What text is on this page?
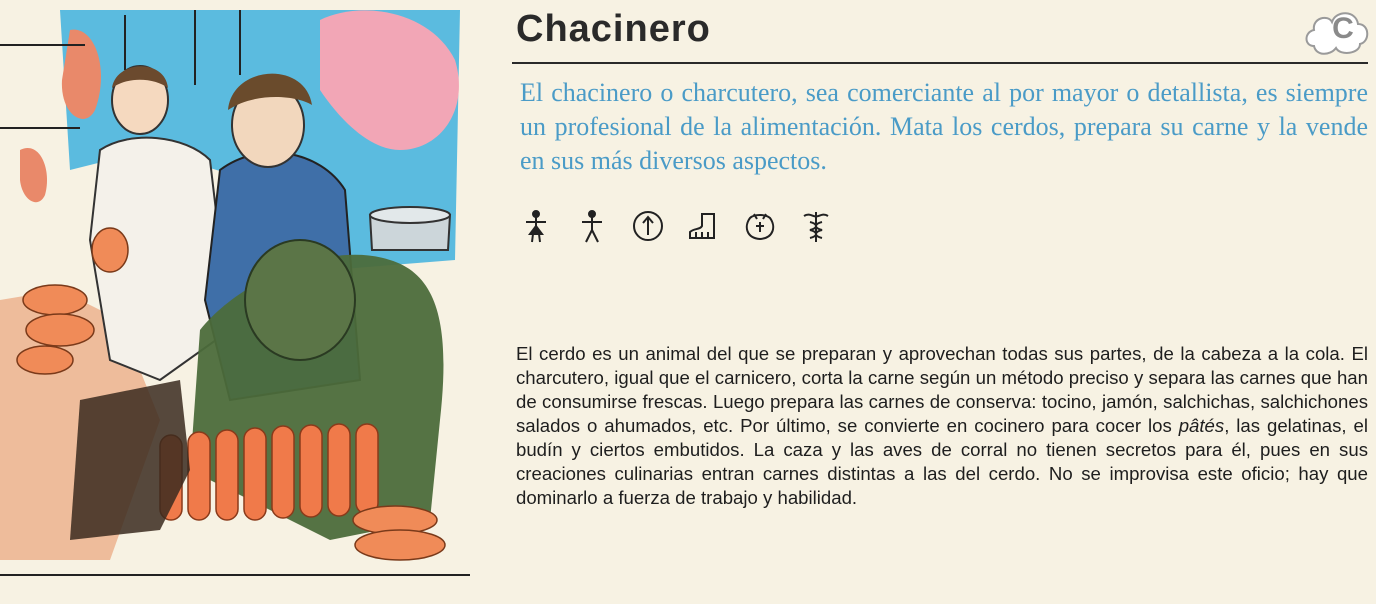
Chacinero	C
El chacinero o charcutero, sea comerciante al por mayor o detallista, es siempre un profesional de la alimentación. Mata los cerdos, prepara su carne y la vende en sus más diversos aspectos.
El cerdo es un animal del que se preparan y aprovechan todas sus partes, de la cabeza a la cola. El charcutero, igual que el carnicero, corta la carne según un método preciso y separa las carnes que han de consumirse frescas. Luego prepara las carnes de conserva: tocino, jamón, salchichas, salchichones salados o ahumados, etc. Por último, se convierte en cocinero para cocer los pâtés, las gelatinas, el budín y ciertos embutidos. La caza y las aves de corral no tienen secretos para él, pues en sus creaciones culinarias entran carnes distintas a las del cerdo. No se improvisa este oficio; hay que dominarlo a fuerza de trabajo y habilidad.
